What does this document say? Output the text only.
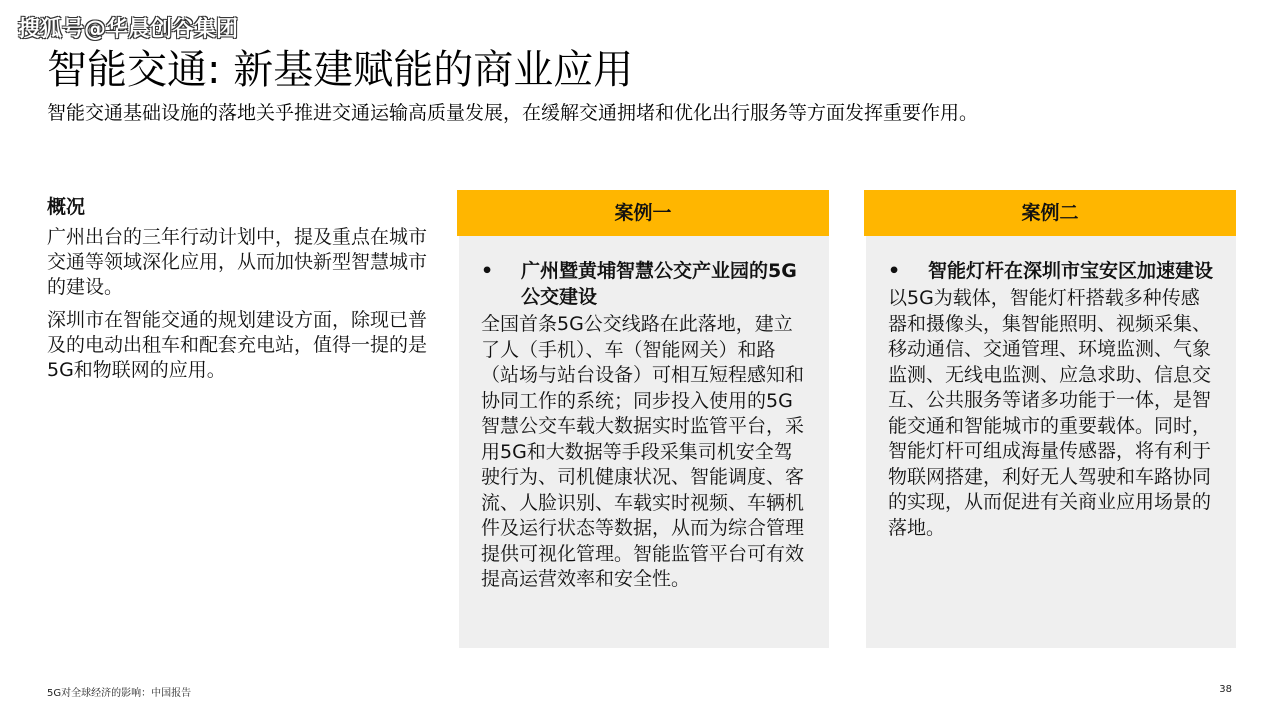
搜狐号@华晨创谷集团
智能交通: 新基建赋能的商业应用

智能交通基础设施的落地关乎推进交通运输高质量发展，在缓解交通拥堵和优化出行服务等方面发挥重要作用。

概况

广州出台的三年行动计划中，提及重点在城市交通等领域深化应用，从而加快新型智慧城市的建设。

深圳市在智能交通的规划建设方面，除现已普及的电动出租车和配套充电站，值得一提的是5G和物联网的应用。

案例一
•	广州暨黄埔智慧公交产业园的5G公交建设
全国首条5G公交线路在此落地，建立了人（手机）、车（智能网关）和路（站场与站台设备）可相互短程感知和协同工作的系统；同步投入使用的5G智慧公交车载大数据实时监管平台，采用5G和大数据等手段采集司机安全驾驶行为、司机健康状况、智能调度、客流、人脸识别、车载实时视频、车辆机件及运行状态等数据，从而为综合管理提供可视化管理。智能监管平台可有效提高运营效率和安全性。
案例二
•	智能灯杆在深圳市宝安区加速建设
以5G为载体，智能灯杆搭载多种传感器和摄像头，集智能照明、视频采集、移动通信、交通管理、环境监测、气象监测、无线电监测、应急求助、信息交互、公共服务等诸多功能于一体，是智能交通和智能城市的重要载体。同时，智能灯杆可组成海量传感器，将有利于物联网搭建，利好无人驾驶和车路协同的实现，从而促进有关商业应用场景的落地。
5G对全球经济的影响：中国报告	38
